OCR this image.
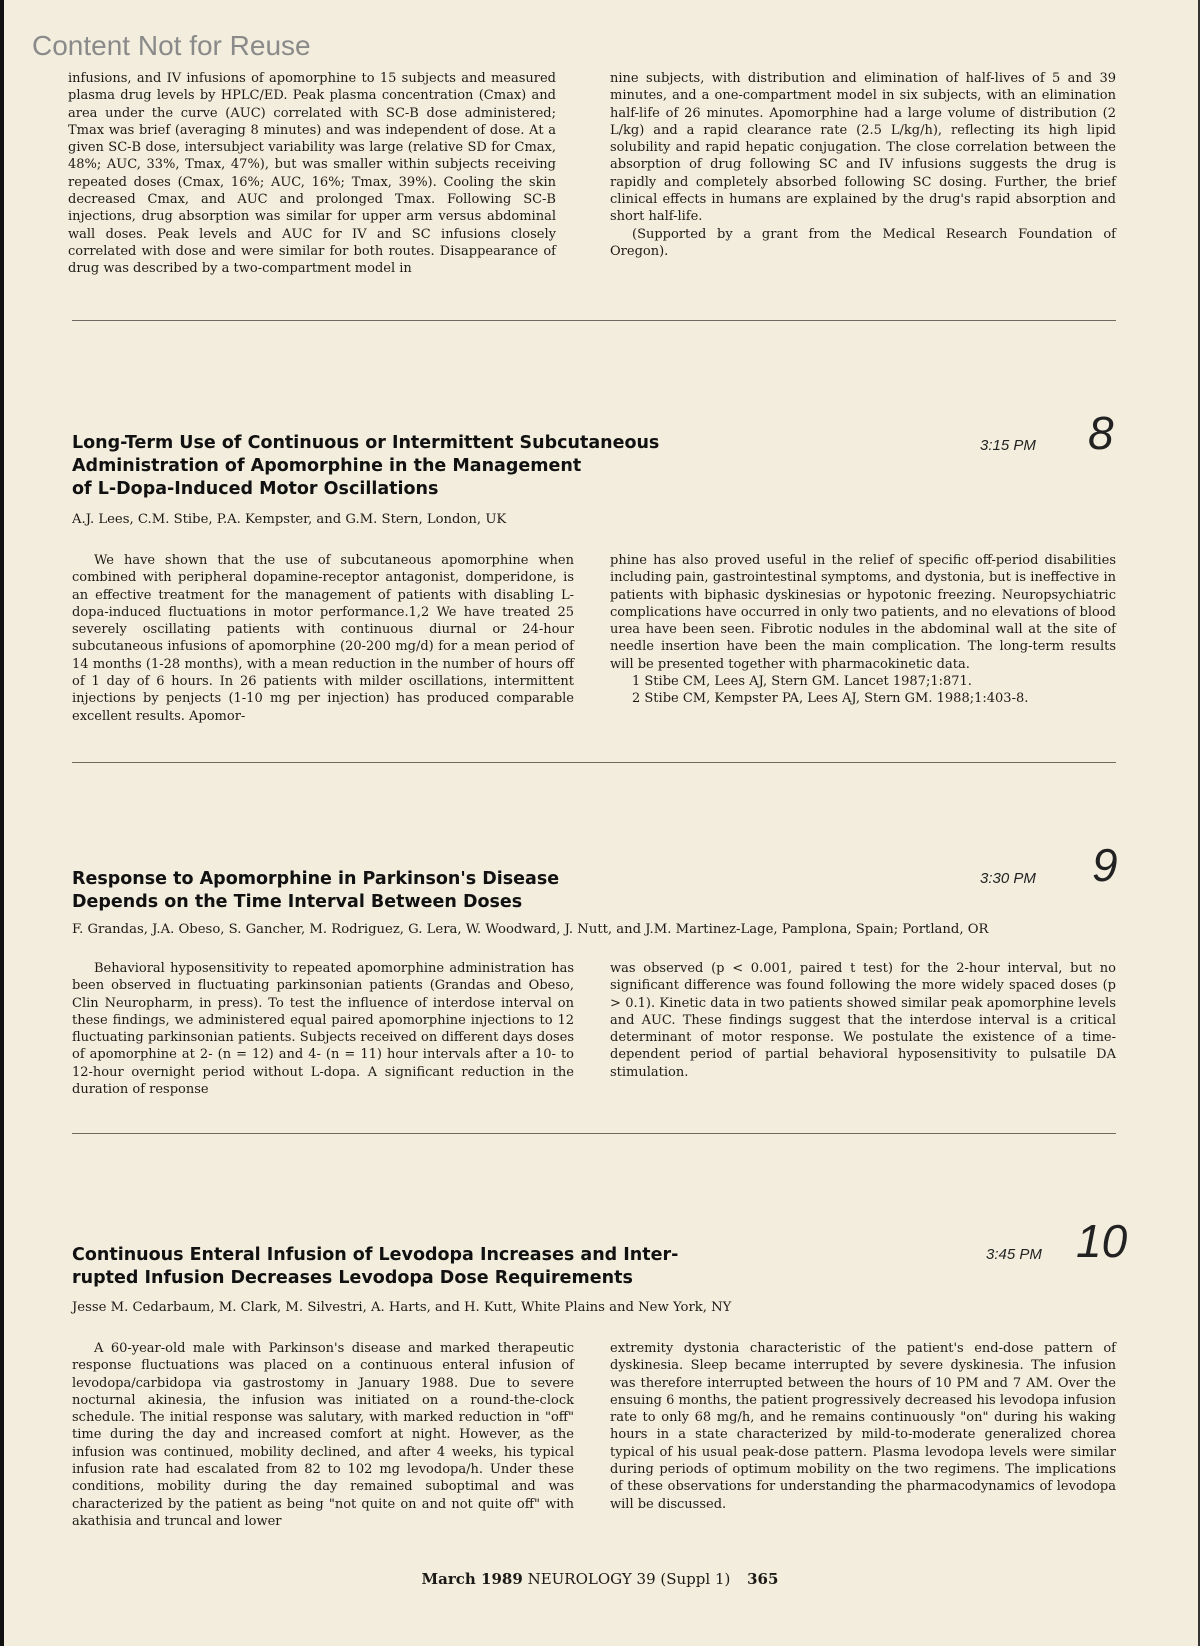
Content Not for Reuse

infusions, and IV infusions of apomorphine to 15 subjects and measured plasma drug levels by HPLC/ED. Peak plasma concentration (Cmax) and area under the curve (AUC) correlated with SC-B dose administered; Tmax was brief (averaging 8 minutes) and was independent of dose. At a given SC-B dose, intersubject variability was large (relative SD for Cmax, 48%; AUC, 33%, Tmax, 47%), but was smaller within subjects receiving repeated doses (Cmax, 16%; AUC, 16%; Tmax, 39%). Cooling the skin decreased Cmax, and AUC and prolonged Tmax. Following SC-B injections, drug absorption was similar for upper arm versus abdominal wall doses. Peak levels and AUC for IV and SC infusions closely correlated with dose and were similar for both routes. Disappearance of drug was described by a two-compartment model in

nine subjects, with distribution and elimination of half-lives of 5 and 39 minutes, and a one-compartment model in six subjects, with an elimination half-life of 26 minutes. Apomorphine had a large volume of distribution (2 L/kg) and a rapid clearance rate (2.5 L/kg/h), reflecting its high lipid solubility and rapid hepatic conjugation. The close correlation between the absorption of drug following SC and IV infusions suggests the drug is rapidly and completely absorbed following SC dosing. Further, the brief clinical effects in humans are explained by the drug's rapid absorption and short half-life.

(Supported by a grant from the Medical Research Foundation of Oregon).

Long-Term Use of Continuous or Intermittent Subcutaneous
Administration of Apomorphine in the Management
of L-Dopa-Induced Motor Oscillations
3:15 PM 8
A.J. Lees, C.M. Stibe, P.A. Kempster, and G.M. Stern, London, UK

We have shown that the use of subcutaneous apomorphine when combined with peripheral dopamine-receptor antagonist, domperidone, is an effective treatment for the management of patients with disabling L-dopa-induced fluctuations in motor performance.1,2 We have treated 25 severely oscillating patients with continuous diurnal or 24-hour subcutaneous infusions of apomorphine (20-200 mg/d) for a mean period of 14 months (1-28 months), with a mean reduction in the number of hours off of 1 day of 6 hours. In 26 patients with milder oscillations, intermittent injections by penjects (1-10 mg per injection) has produced comparable excellent results. Apomor-

phine has also proved useful in the relief of specific off-period disabilities including pain, gastrointestinal symptoms, and dystonia, but is ineffective in patients with biphasic dyskinesias or hypotonic freezing. Neuropsychiatric complications have occurred in only two patients, and no elevations of blood urea have been seen. Fibrotic nodules in the abdominal wall at the site of needle insertion have been the main complication. The long-term results will be presented together with pharmacokinetic data.

1 Stibe CM, Lees AJ, Stern GM. Lancet 1987;1:871.
2 Stibe CM, Kempster PA, Lees AJ, Stern GM. 1988;1:403-8.
Response to Apomorphine in Parkinson's Disease
Depends on the Time Interval Between Doses
3:30 PM 9
F. Grandas, J.A. Obeso, S. Gancher, M. Rodriguez, G. Lera, W. Woodward, J. Nutt, and J.M. Martinez-Lage, Pamplona, Spain; Portland, OR

Behavioral hyposensitivity to repeated apomorphine administration has been observed in fluctuating parkinsonian patients (Grandas and Obeso, Clin Neuropharm, in press). To test the influence of interdose interval on these findings, we administered equal paired apomorphine injections to 12 fluctuating parkinsonian patients. Subjects received on different days doses of apomorphine at 2- (n = 12) and 4- (n = 11) hour intervals after a 10- to 12-hour overnight period without L-dopa. A significant reduction in the duration of response

was observed (p < 0.001, paired t test) for the 2-hour interval, but no significant difference was found following the more widely spaced doses (p > 0.1). Kinetic data in two patients showed similar peak apomorphine levels and AUC. These findings suggest that the interdose interval is a critical determinant of motor response. We postulate the existence of a time-dependent period of partial behavioral hyposensitivity to pulsatile DA stimulation.

Continuous Enteral Infusion of Levodopa Increases and Inter-
rupted Infusion Decreases Levodopa Dose Requirements
3:45 PM 10
Jesse M. Cedarbaum, M. Clark, M. Silvestri, A. Harts, and H. Kutt, White Plains and New York, NY

A 60-year-old male with Parkinson's disease and marked therapeutic response fluctuations was placed on a continuous enteral infusion of levodopa/carbidopa via gastrostomy in January 1988. Due to severe nocturnal akinesia, the infusion was initiated on a round-the-clock schedule. The initial response was salutary, with marked reduction in "off" time during the day and increased comfort at night. However, as the infusion was continued, mobility declined, and after 4 weeks, his typical infusion rate had escalated from 82 to 102 mg levodopa/h. Under these conditions, mobility during the day remained suboptimal and was characterized by the patient as being "not quite on and not quite off" with akathisia and truncal and lower

extremity dystonia characteristic of the patient's end-dose pattern of dyskinesia. Sleep became interrupted by severe dyskinesia. The infusion was therefore interrupted between the hours of 10 PM and 7 AM. Over the ensuing 6 months, the patient progressively decreased his levodopa infusion rate to only 68 mg/h, and he remains continuously "on" during his waking hours in a state characterized by mild-to-moderate generalized chorea typical of his usual peak-dose pattern. Plasma levodopa levels were similar during periods of optimum mobility on the two regimens. The implications of these observations for understanding the pharmacodynamics of levodopa will be discussed.

March 1989 NEUROLOGY 39 (Suppl 1) 365
